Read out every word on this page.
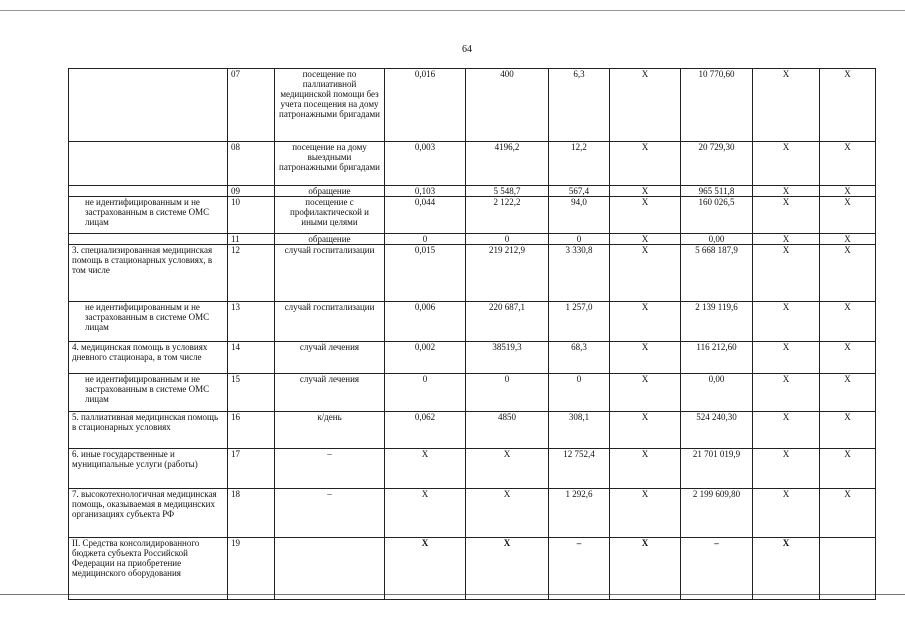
64
	07	посещение по паллиативной медицинской помощи без учета посещения на дому патронажными бригадами	0,016	400	6,3	X	10 770,60	X	X
	08	посещение на дому выездными патронажными бригадами	0,003	4196,2	12,2	X	20 729,30	X	X
	09	обращение	0,103	5 548,7	567,4	X	965 511,8	X	X
не идентифицированным и не застрахованным в системе ОМС лицам	10	посещение с профилактической и иными целями	0,044	2 122,2	94,0	X	160 026,5	X	X
	11	обращение	0	0	0	X	0,00	X	X
3. специализированная медицинская помощь в стационарных условиях, в том числе	12	случай госпитализации	0,015	219 212,9	3 330,8	X	5 668 187,9	X	X
не идентифицированным и не застрахованным в системе ОМС лицам	13	случай госпитализации	0,006	220 687,1	1 257,0	X	2 139 119,6	X	X
4. медицинская помощь в условиях дневного стационара, в том числе	14	случай лечения	0,002	38519,3	68,3	X	116 212,60	X	X
не идентифицированным и не застрахованным в системе ОМС лицам	15	случай лечения	0	0	0	X	0,00	X	X
5. паллиативная медицинская помощь в стационарных условиях	16	к/день	0,062	4850	308,1	X	524 240,30	X	X
6. иные государственные и муниципальные услуги (работы)	17	–	X	X	12 752,4	X	21 701 019,9	X	X
7. высокотехнологичная медицинская помощь, оказываемая в медицинских организациях субъекта РФ	18	–	X	X	1 292,6	X	2 199 609,80	X	X
II. Средства консолидированного бюджета субъекта Российской Федерации на приобретение медицинского оборудования	19		X	X	–	X	–	X	
